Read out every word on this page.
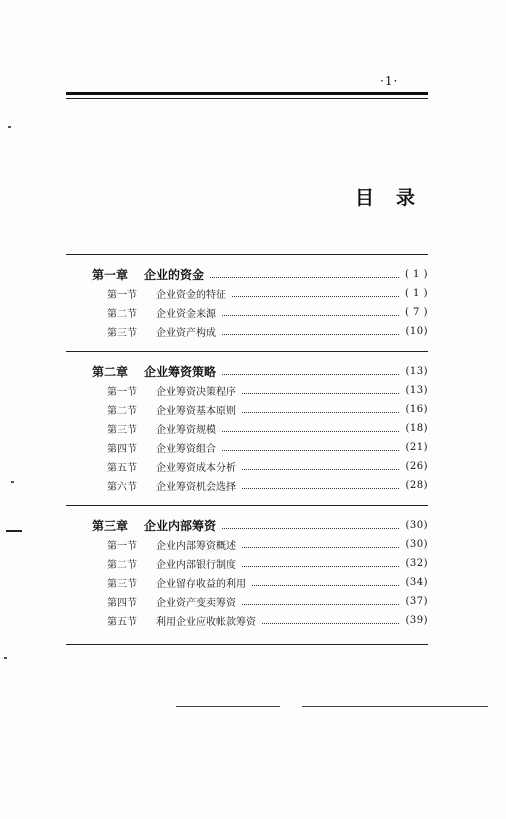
·1·
目录
第一章	企业的资金	( 1 )
第一节	企业资金的特征	( 1 )
第二节	企业资金来源	( 7 )
第三节	企业资产构成	(10)
第二章	企业筹资策略	(13)
第一节	企业筹资决策程序	(13)
第二节	企业筹资基本原则	(16)
第三节	企业筹资规模	(18)
第四节	企业筹资组合	(21)
第五节	企业筹资成本分析	(26)
第六节	企业筹资机会选择	(28)
第三章	企业内部筹资	(30)
第一节	企业内部筹资概述	(30)
第二节	企业内部银行制度	(32)
第三节	企业留存收益的利用	(34)
第四节	企业资产变卖筹资	(37)
第五节	利用企业应收帐款筹资	(39)
